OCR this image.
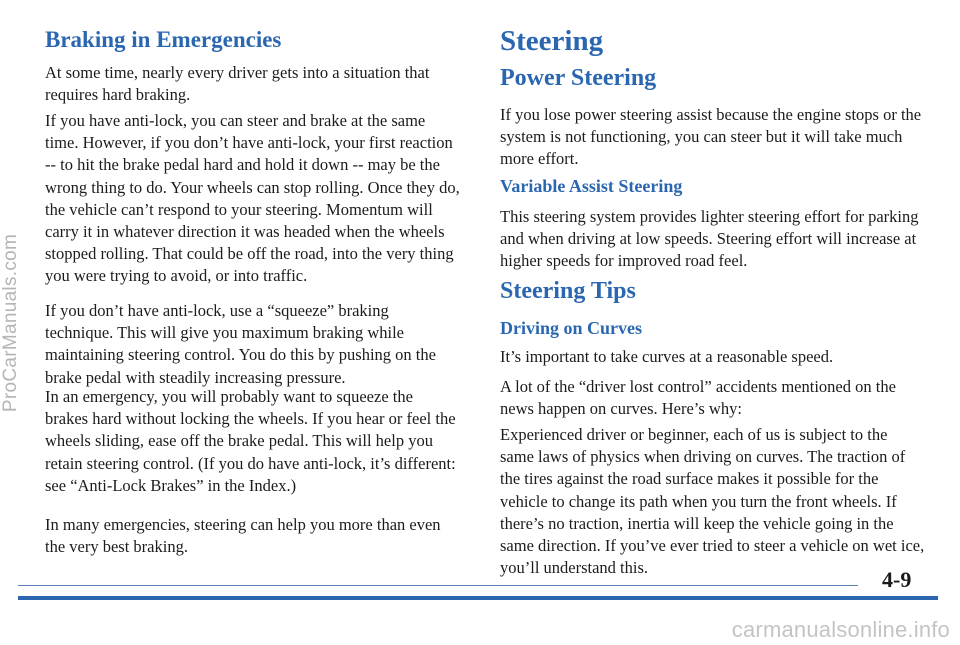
ProCarManuals.com
Braking in Emergencies

At some time, nearly every driver gets into a situation that requires hard braking.

If you have anti-lock, you can steer and brake at the same time. However, if you don’t have anti-lock, your first reaction -- to hit the brake pedal hard and hold it down -- may be the wrong thing to do. Your wheels can stop rolling. Once they do, the vehicle can’t respond to your steering. Momentum will carry it in whatever direction it was headed when the wheels stopped rolling. That could be off the road, into the very thing you were trying to avoid, or into traffic.

If you don’t have anti-lock, use a “squeeze” braking technique. This will give you maximum braking while maintaining steering control. You do this by pushing on the brake pedal with steadily increasing pressure.

In an emergency, you will probably want to squeeze the brakes hard without locking the wheels. If you hear or feel the wheels sliding, ease off the brake pedal. This will help you retain steering control. (If you do have anti-lock, it’s different: see “Anti-Lock Brakes” in the Index.)

In many emergencies, steering can help you more than even the very best braking.

Steering
Power Steering

If you lose power steering assist because the engine stops or the system is not functioning, you can steer but it will take much more effort.

Variable Assist Steering

This steering system provides lighter steering effort for parking and when driving at low speeds. Steering effort will increase at higher speeds for improved road feel.

Steering Tips
Driving on Curves

It’s important to take curves at a reasonable speed.

A lot of the “driver lost control” accidents mentioned on the news happen on curves. Here’s why:

Experienced driver or beginner, each of us is subject to the same laws of physics when driving on curves. The traction of the tires against the road surface makes it possible for the vehicle to change its path when you turn the front wheels. If there’s no traction, inertia will keep the vehicle going in the same direction. If you’ve ever tried to steer a vehicle on wet ice, you’ll understand this.	4-9
carmanualsonline.info
